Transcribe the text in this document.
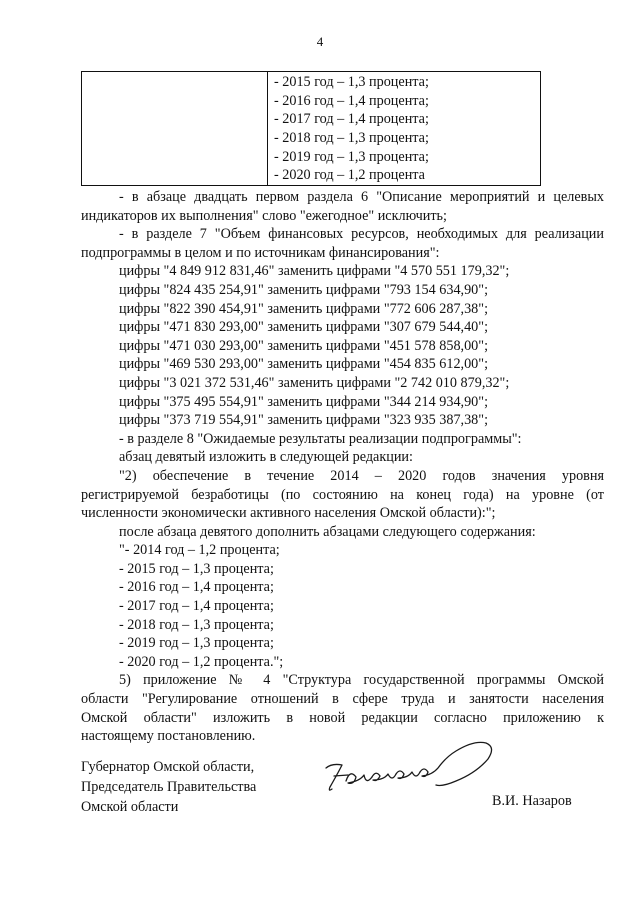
4

- 2015 год – 1,3 процента;
- 2016 год – 1,4 процента;
- 2017 год – 1,4 процента;
- 2018 год – 1,3 процента;
- 2019 год – 1,3 процента;
- 2020 год – 1,2 процента
- в абзаце двадцать первом раздела 6 "Описание мероприятий и целевых
индикаторов их выполнения" слово "ежегодное" исключить;
- в разделе 7 "Объем финансовых ресурсов, необходимых для реализации
подпрограммы в целом и по источникам финансирования":
цифры "4 849 912 831,46" заменить цифрами "4 570 551 179,32";
цифры "824 435 254,91" заменить цифрами "793 154 634,90";
цифры "822 390 454,91" заменить цифрами "772 606 287,38";
цифры "471 830 293,00" заменить цифрами "307 679 544,40";
цифры "471 030 293,00" заменить цифрами "451 578 858,00";
цифры "469 530 293,00" заменить цифрами "454 835 612,00";
цифры "3 021 372 531,46" заменить цифрами "2 742 010 879,32";
цифры "375 495 554,91" заменить цифрами "344 214 934,90";
цифры "373 719 554,91" заменить цифрами "323 935 387,38";
- в разделе 8 "Ожидаемые результаты реализации подпрограммы":
абзац девятый изложить в следующей редакции:
"2) обеспечение в течение 2014 – 2020 годов значения уровня
регистрируемой безработицы (по состоянию на конец года) на уровне (от
численности экономически активного населения Омской области):";
после абзаца девятого дополнить абзацами следующего содержания:
"- 2014 год – 1,2 процента;
- 2015 год – 1,3 процента;
- 2016 год – 1,4 процента;
- 2017 год – 1,4 процента;
- 2018 год – 1,3 процента;
- 2019 год – 1,3 процента;
- 2020 год – 1,2 процента.";
5) приложение № 4 "Структура государственной программы Омской
области "Регулирование отношений в сфере труда и занятости населения
Омской области" изложить в новой редакции согласно приложению к
настоящему постановлению.
Губернатор Омской области,
Председатель Правительства
Омской области	В.И. Назаров
